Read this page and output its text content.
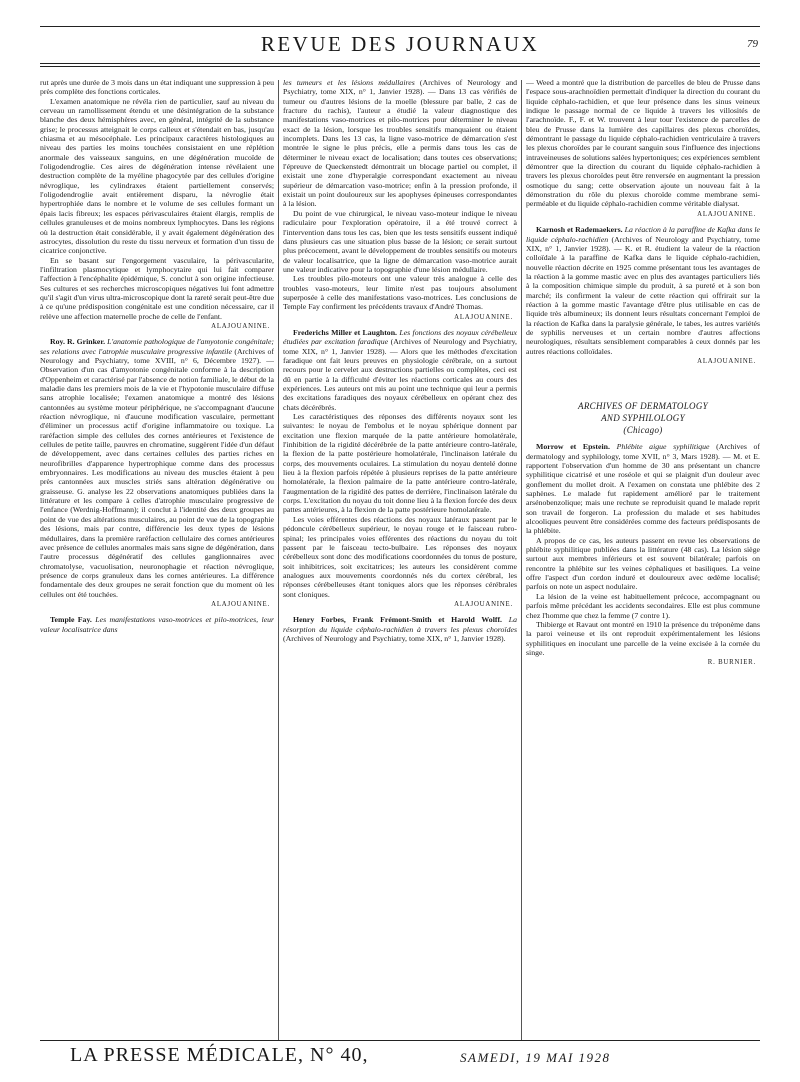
REVUE DES JOURNAUX	79

rut après une durée de 3 mois dans un état indiquant une suppression à peu près complète des fonctions corticales.

L'examen anatomique ne révéla rien de particulier, sauf au niveau du cerveau un ramollissement étendu et une désintégration de la substance blanche des deux hémisphères avec, en général, intégrité de la substance grise; le processus atteignait le corps calleux et s'étendait en bas, jusqu'au chiasma et au mésocéphale. Les principaux caractères histologiques au niveau des parties les moins touchées consistaient en une réplétion anormale des vaisseaux sanguins, en une dégénération mucoïde de l'oligodendroglie. Ces aires de dégénération intense révélaient une destruction complète de la myéline phagocytée par des cellules d'origine névroglique, les cylindraxes étaient partiellement conservés; l'oligodendroglie avait entièrement disparu, la névroglie était hypertrophiée dans le nombre et le volume de ses cellules formant un épais lacis fibreux; les espaces périvasculaires étaient élargis, remplis de cellules granuleuses et de moins nombreux lymphocytes. Dans les régions où la destruction était considérable, il y avait également dégénération des astrocytes, dissolution du reste du tissu nerveux et formation d'un tissu de cicatrice conjonctive.

En se basant sur l'engorgement vasculaire, la périvascularite, l'infiltration plasmocytique et lymphocytaire qui lui fait comparer l'affection à l'encéphalite épidémique, S. conclut à son origine infectieuse. Ses cultures et ses recherches microscopiques négatives lui font admettre qu'il s'agit d'un virus ultra-microscopique dont la rareté serait peut-être due à ce qu'une prédisposition congénitale est une condition nécessaire, car il relève une affection maternelle proche de celle de l'enfant.

ALAJOUANINE.

Roy. R. Grinker. L'anatomie pathologique de l'amyotonie congénitale; ses relations avec l'atrophie musculaire progressive infantile (Archives of Neurology and Psychiatry, tome XVIII, n° 6, Décembre 1927). — Observation d'un cas d'amyotonie congénitale conforme à la description d'Oppenheim et caractérisé par l'absence de notion familiale, le début de la maladie dans les premiers mois de la vie et l'hypotonie musculaire diffuse sans atrophie localisée; l'examen anatomique a montré des lésions cantonnées au système moteur périphérique, ne s'accompagnant d'aucune réaction névroglique, ni d'aucune modification vasculaire, permettant d'éliminer un processus actif d'origine inflammatoire ou toxique. La raréfaction simple des cellules des cornes antérieures et l'existence de cellules de petite taille, pauvres en chromatine, suggèrent l'idée d'un défaut de développement, avec dans certaines cellules des parties riches en neurofibrilles d'apparence hypertrophique comme dans des processus embryonnaires. Les modifications au niveau des muscles étaient à peu près cantonnées aux muscles striés sans altération dégénérative ou graisseuse. G. analyse les 22 observations anatomiques publiées dans la littérature et les compare à celles d'atrophie musculaire progressive de l'enfance (Werdnig-Hoffmann); il conclut à l'identité des deux groupes au point de vue des altérations musculaires, au point de vue de la topographie des lésions, mais par contre, différencie les deux types de lésions médullaires, dans la première raréfaction cellulaire des cornes antérieures avec présence de cellules anormales mais sans signe de dégénération, dans l'autre processus dégénératif des cellules ganglionnaires avec chromatolyse, vacuolisation, neuronophagie et réaction névroglique, présence de corps granuleux dans les cornes antérieures. La différence fondamentale des deux groupes ne serait fonction que du moment où les cellules ont été touchées.

ALAJOUANINE.

Temple Fay. Les manifestations vaso-motrices et pilo-motrices, leur valeur localisatrice dans

les tumeurs et les lésions médullaires (Archives of Neurology and Psychiatry, tome XIX, n° 1, Janvier 1928). — Dans 13 cas vérifiés de tumeur ou d'autres lésions de la moelle (blessure par balle, 2 cas de fracture du rachis), l'auteur a étudié la valeur diagnostique des manifestations vaso-motrices et pilo-motrices pour déterminer le niveau exact de la lésion, lorsque les troubles sensitifs manquaient ou étaient incomplets. Dans les 13 cas, la ligne vaso-motrice de démarcation s'est montrée le signe le plus précis, elle a permis dans tous les cas de déterminer le niveau exact de localisation; dans toutes ces observations; l'épreuve de Queckenstedt démontrait un blocage partiel ou complet, il existait une zone d'hyperalgie correspondant exactement au niveau supérieur de démarcation vaso-motrice; enfin à la pression profonde, il existait un point douloureux sur les apophyses épineuses correspondantes à la lésion.

Du point de vue chirurgical, le niveau vaso-moteur indique le niveau radiculaire pour l'exploration opératoire, il a été trouvé correct à l'intervention dans tous les cas, bien que les tests sensitifs eussent indiqué dans plusieurs cas une situation plus basse de la lésion; ce serait surtout plus précocement, avant le développement de troubles sensitifs ou moteurs de valeur localisatrice, que la ligne de démarcation vaso-motrice aurait une valeur indicative pour la topographie d'une lésion médullaire.

Les troubles pilo-moteurs ont une valeur très analogue à celle des troubles vaso-moteurs, leur limite n'est pas toujours absolument superposée à celle des manifestations vaso-motrices. Les conclusions de Temple Fay confirment les précédents travaux d'André Thomas.

ALAJOUANINE.

Frederichs Miller et Laughton. Les fonctions des noyaux cérébelleux étudiées par excitation faradique (Archives of Neurology and Psychiatry, tome XIX, n° 1, Janvier 1928). — Alors que les méthodes d'excitation faradique ont fait leurs preuves en physiologie cérébrale, on a surtout recours pour le cervelet aux destructions partielles ou complètes, ceci est dû en partie à la difficulté d'éviter les réactions corticales au cours des expériences. Les auteurs ont mis au point une technique qui leur a permis des excitations faradiques des noyaux cérébelleux en opérant chez des chats décérébrés.

Les caractéristiques des réponses des différents noyaux sont les suivantes: le noyau de l'embolus et le noyau sphérique donnent par excitation une flexion marquée de la patte antérieure homolatérale, l'inhibition de la rigidité décérébrée de la patte antérieure contro-latérale, la flexion de la patte postérieure homolatérale, l'inclinaison latérale du corps, des mouvements oculaires. La stimulation du noyau dentelé donne lieu à la flexion parfois répétée à plusieurs reprises de la patte antérieure homolatérale, la flexion palmaire de la patte antérieure contro-latérale, l'augmentation de la rigidité des pattes de derrière, l'inclinaison latérale du corps. L'excitation du noyau du toit donne lieu à la flexion forcée des deux pattes antérieures, à la flexion de la patte postérieure homolatérale.

Les voies efférentes des réactions des noyaux latéraux passent par le pédoncule cérébelleux supérieur, le noyau rouge et le faisceau rubro-spinal; les principales voies efférentes des réactions du noyau du toit passent par le faisceau tecto-bulbaire. Les réponses des noyaux cérébelleux sont donc des modifications coordonnées du tonus de posture, soit inhibitrices, soit excitatrices; les auteurs les considèrent comme analogues aux mouvements coordonnés nés du cortex cérébral, les réponses cérébelleuses étant toniques alors que les réponses cérébrales sont cloniques.

ALAJOUANINE.

Henry Forbes, Frank Frémont-Smith et Harold Wolff. La résorption du liquide céphalo-rachidien à travers les plexus choroïdes (Archives of Neurology and Psychiatry, tome XIX, n° 1, Janvier 1928).

— Weed a montré que la distribution de parcelles de bleu de Prusse dans l'espace sous-arachnoïdien permettait d'indiquer la direction du courant du liquide céphalo-rachidien, et que leur présence dans les sinus veineux indique le passage normal de ce liquide à travers les villosités de l'arachnoïde. F., F. et W. trouvent à leur tour l'existence de parcelles de bleu de Prusse dans la lumière des capillaires des plexus choroïdes, démontrant le passage du liquide céphalo-rachidien ventriculaire à travers les plexus choroïdes par le courant sanguin sous l'influence des injections intraveineuses de solutions salées hypertoniques; ces expériences semblent démontrer que la direction du courant du liquide céphalo-rachidien à travers les plexus choroïdes peut être renversée en augmentant la pression osmotique du sang; cette observation ajoute un nouveau fait à la démonstration du rôle du plexus choroïde comme membrane semi-perméable et du liquide céphalo-rachidien comme véritable dialysat.

ALAJOUANINE.

Karnosh et Rademaekers. La réaction à la paraffine de Kafka dans le liquide céphalo-rachidien (Archives of Neurology and Psychiatry, tome XIX, n° 1, Janvier 1928). — K. et R. étudient la valeur de la réaction colloïdale à la paraffine de Kafka dans le liquide céphalo-rachidien, nouvelle réaction décrite en 1925 comme présentant tous les avantages de la réaction à la gomme mastic avec en plus des avantages particuliers liés à la composition chimique simple du produit, à sa pureté et à son bon marché; ils confirment la valeur de cette réaction qui offrirait sur la réaction à la gomme mastic l'avantage d'être plus utilisable en cas de liquide très albumineux; ils donnent leurs résultats concernant l'emploi de la réaction de Kafka dans la paralysie générale, le tabes, les autres variétés de syphilis nerveuses et un certain nombre d'autres affections neurologiques, résultats sensiblement comparables à ceux donnés par les autres réactions colloïdales.

ALAJOUANINE.
ARCHIVES OF DERMATOLOGY
AND SYPHILOLOGY
(Chicago)

Morrow et Epstein. Phlébite aigue syphilitique (Archives of dermatology and syphilology, tome XVII, n° 3, Mars 1928). — M. et E. rapportent l'observation d'un homme de 30 ans présentant un chancre syphilitique cicatrisé et une roséole et qui se plaignit d'un douleur avec gonflement du mollet droit. A l'examen on constata une phlébite des 2 saphènes. Le malade fut rapidement amélioré par le traitement arsénobenzolique; mais une rechute se reproduisit quand le malade reprit son travail de forgeron. La profession du malade et ses habitudes alcooliques peuvent être considérées comme des facteurs prédisposants de la phlébite.

A propos de ce cas, les auteurs passent en revue les observations de phlébite syphilitique publiées dans la littérature (48 cas). La lésion siège surtout aux membres inférieurs et est souvent bilatérale; parfois on rencontre la phlébite sur les veines céphaliques et basiliques. La veine offre l'aspect d'un cordon induré et douloureux avec œdème localisé; parfois on note un aspect nodulaire.

La lésion de la veine est habituellement précoce, accompagnant ou parfois même précédant les accidents secondaires. Elle est plus commune chez l'homme que chez la femme (7 contre 1).

Thibierge et Ravaut ont montré en 1910 la présence du tréponème dans la paroi veineuse et ils ont reproduit expérimentalement les lésions syphilitiques en inoculant une parcelle de la veine excisée à la cornée du singe.

R. BURNIER.
LA PRESSE MÉDICALE, N° 40,	SAMEDI, 19 MAI 1928
